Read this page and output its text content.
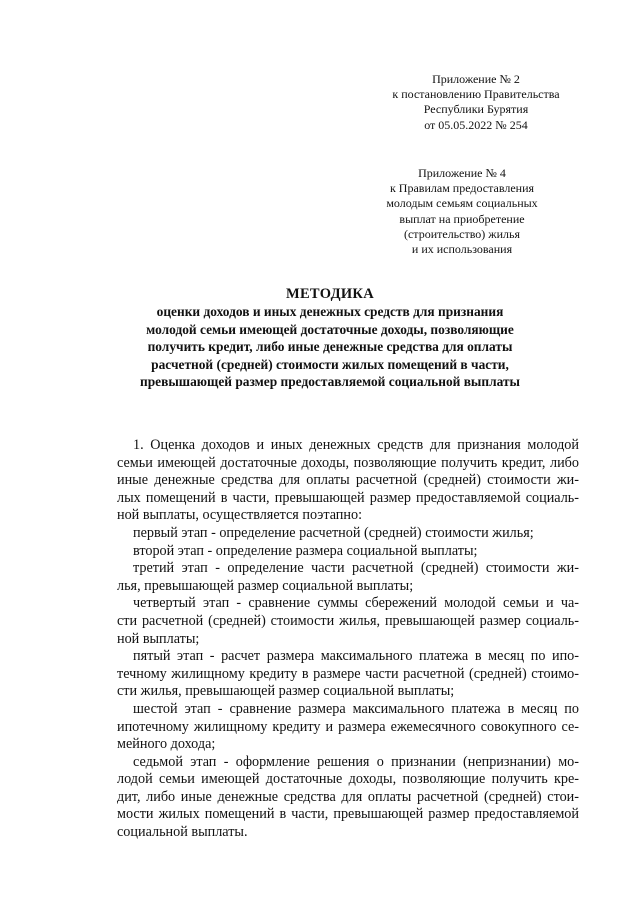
Приложение № 2
к постановлению Правительства
Республики Бурятия
от 05.05.2022 № 254
Приложение № 4
к Правилам предоставления
молодым семьям социальных
выплат на приобретение
(строительство) жилья
и их использования
МЕТОДИКА
оценки доходов и иных денежных средств для признания
молодой семьи имеющей достаточные доходы, позволяющие
получить кредит, либо иные денежные средства для оплаты
расчетной (средней) стоимости жилых помещений в части,
превышающей размер предоставляемой социальной выплаты
1. Оценка доходов и иных денежных средств для признания молодой
семьи имеющей достаточные доходы, позволяющие получить кредит, либо
иные денежные средства для оплаты расчетной (средней) стоимости жи-
лых помещений в части, превышающей размер предоставляемой социаль-
ной выплаты, осуществляется поэтапно:
первый этап - определение расчетной (средней) стоимости жилья;
второй этап - определение размера социальной выплаты;
третий этап - определение части расчетной (средней) стоимости жи-
лья, превышающей размер социальной выплаты;
четвертый этап - сравнение суммы сбережений молодой семьи и ча-
сти расчетной (средней) стоимости жилья, превышающей размер социаль-
ной выплаты;
пятый этап - расчет размера максимального платежа в месяц по ипо-
течному жилищному кредиту в размере части расчетной (средней) стоимо-
сти жилья, превышающей размер социальной выплаты;
шестой этап - сравнение размера максимального платежа в месяц по
ипотечному жилищному кредиту и размера ежемесячного совокупного се-
мейного дохода;
седьмой этап - оформление решения о признании (непризнании) мо-
лодой семьи имеющей достаточные доходы, позволяющие получить кре-
дит, либо иные денежные средства для оплаты расчетной (средней) стои-
мости жилых помещений в части, превышающей размер предоставляемой
социальной выплаты.
